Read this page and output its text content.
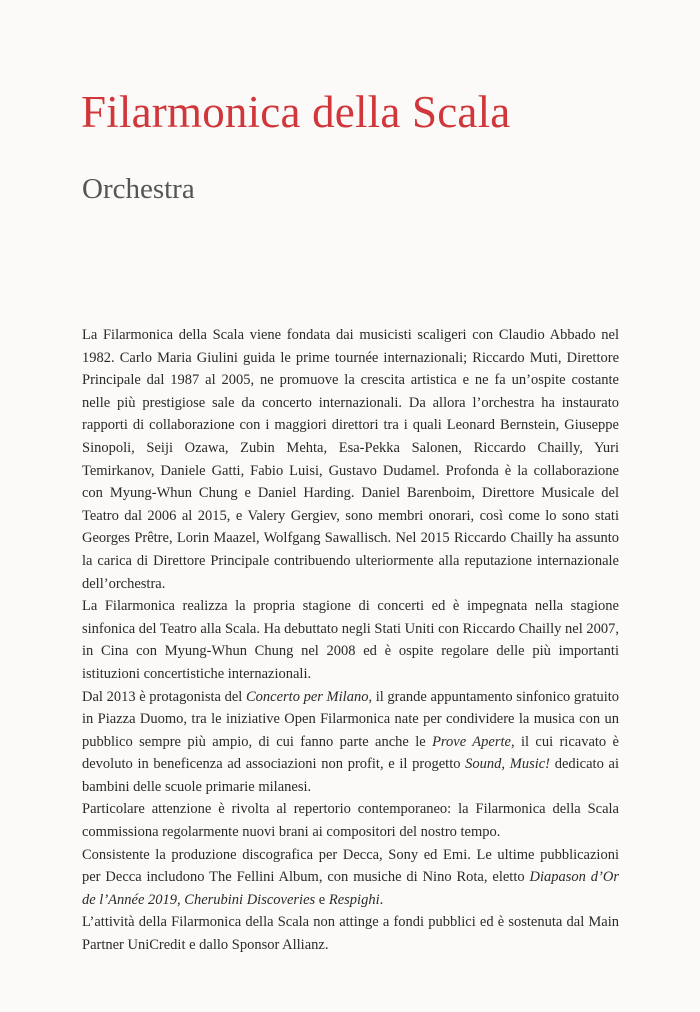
Filarmonica della Scala
Orchestra

La Filarmonica della Scala viene fondata dai musicisti scaligeri con Claudio Abbado nel 1982. Carlo Maria Giulini guida le prime tournée internazionali; Riccardo Muti, Direttore Principale dal 1987 al 2005, ne promuove la crescita artistica e ne fa un’ospite costante nelle più prestigiose sale da concerto internazionali. Da allora l’orchestra ha instaurato rapporti di collaborazione con i maggiori direttori tra i quali Leonard Bernstein, Giuseppe Sinopoli, Seiji Ozawa, Zubin Mehta, Esa-Pekka Salonen, Riccardo Chailly, Yuri Temirkanov, Daniele Gatti, Fabio Luisi, Gustavo Dudamel. Profonda è la collaborazione con Myung-Whun Chung e Daniel Harding. Daniel Barenboim, Direttore Musicale del Teatro dal 2006 al 2015, e Valery Gergiev, sono membri onorari, così come lo sono stati Georges Prêtre, Lorin Maazel, Wolfgang Sawallisch. Nel 2015 Riccardo Chailly ha assunto la carica di Direttore Principale contribuendo ulteriormente alla reputazione internazionale dell’orchestra.

La Filarmonica realizza la propria stagione di concerti ed è impegnata nella stagione sinfonica del Teatro alla Scala. Ha debuttato negli Stati Uniti con Riccardo Chailly nel 2007, in Cina con Myung-Whun Chung nel 2008 ed è ospite regolare delle più importanti istituzioni concertistiche internazionali.

Dal 2013 è protagonista del Concerto per Milano, il grande appuntamento sinfonico gratuito in Piazza Duomo, tra le iniziative Open Filarmonica nate per condividere la musica con un pubblico sempre più ampio, di cui fanno parte anche le Prove Aperte, il cui ricavato è devoluto in beneficenza ad associazioni non profit, e il progetto Sound, Music! dedicato ai bambini delle scuole primarie milanesi.

Particolare attenzione è rivolta al repertorio contemporaneo: la Filarmonica della Scala commissiona regolarmente nuovi brani ai compositori del nostro tempo.

Consistente la produzione discografica per Decca, Sony ed Emi. Le ultime pubblicazioni per Decca includono The Fellini Album, con musiche di Nino Rota, eletto Diapason d’Or de l’Année 2019, Cherubini Discoveries e Respighi.

L’attività della Filarmonica della Scala non attinge a fondi pubblici ed è sostenuta dal Main Partner UniCredit e dallo Sponsor Allianz.
